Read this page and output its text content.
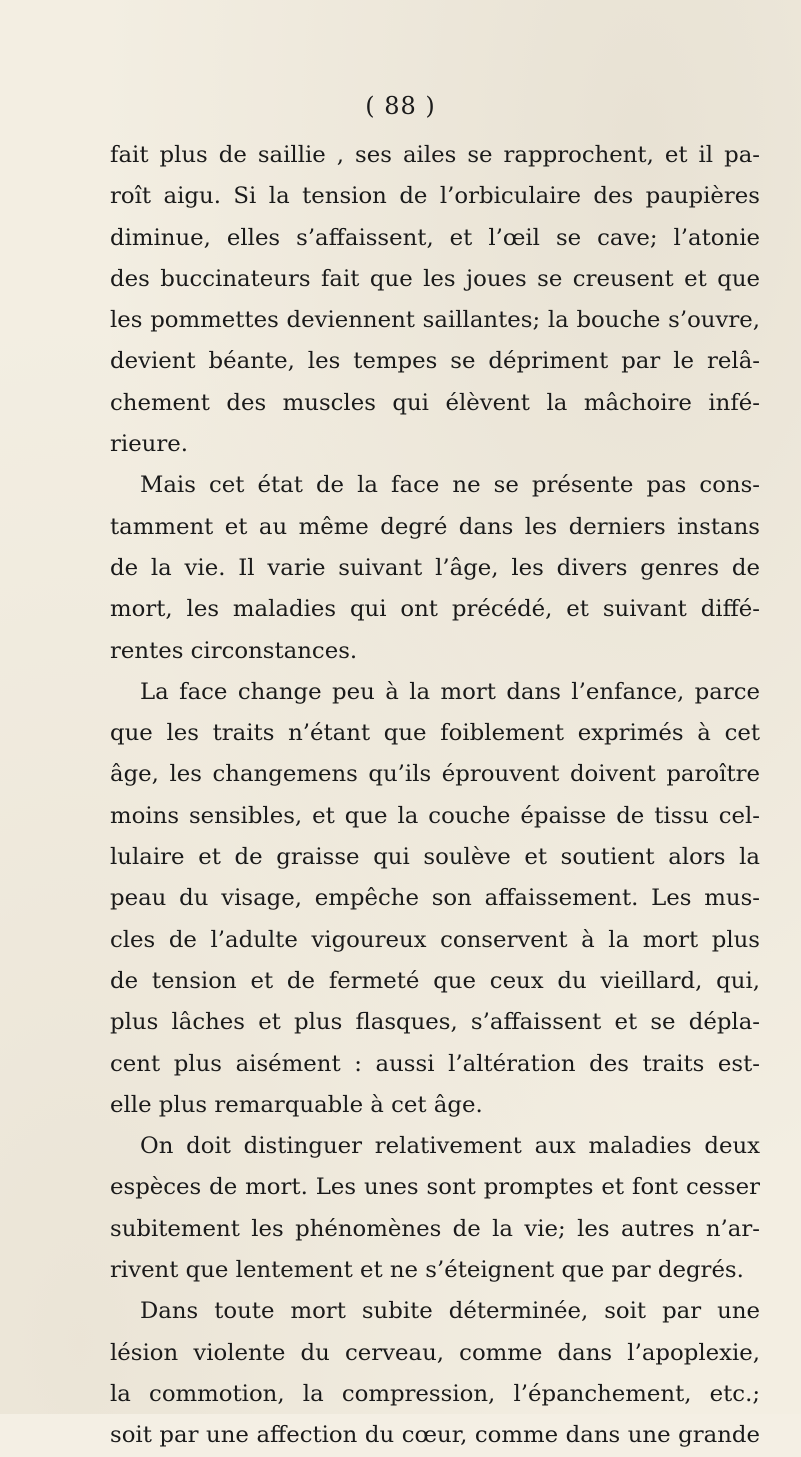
( 88 )
fait plus de saillie , ses ailes se rapprochent, et il pa-
roît aigu. Si la tension de l’orbiculaire des paupières
diminue, elles s’affaissent, et l’œil se cave; l’atonie
des buccinateurs fait que les joues se creusent et que
les pommettes deviennent saillantes; la bouche s’ouvre,
devient béante, les tempes se dépriment par le relâ-
chement des muscles qui élèvent la mâchoire infé-
rieure.
Mais cet état de la face ne se présente pas cons-
tamment et au même degré dans les derniers instans
de la vie. Il varie suivant l’âge, les divers genres de
mort, les maladies qui ont précédé, et suivant diffé-
rentes circonstances.
La face change peu à la mort dans l’enfance, parce
que les traits n’étant que foiblement exprimés à cet
âge, les changemens qu’ils éprouvent doivent paroître
moins sensibles, et que la couche épaisse de tissu cel-
lulaire et de graisse qui soulève et soutient alors la
peau du visage, empêche son affaissement. Les mus-
cles de l’adulte vigoureux conservent à la mort plus
de tension et de fermeté que ceux du vieillard, qui,
plus lâches et plus flasques, s’affaissent et se dépla-
cent plus aisément : aussi l’altération des traits est-
elle plus remarquable à cet âge.
On doit distinguer relativement aux maladies deux
espèces de mort. Les unes sont promptes et font cesser
subitement les phénomènes de la vie; les autres n’ar-
rivent que lentement et ne s’éteignent que par degrés.
Dans toute mort subite déterminée, soit par une
lésion violente du cerveau, comme dans l’apoplexie,
la commotion, la compression, l’épanchement, etc.;
soit par une affection du cœur, comme dans une grande
